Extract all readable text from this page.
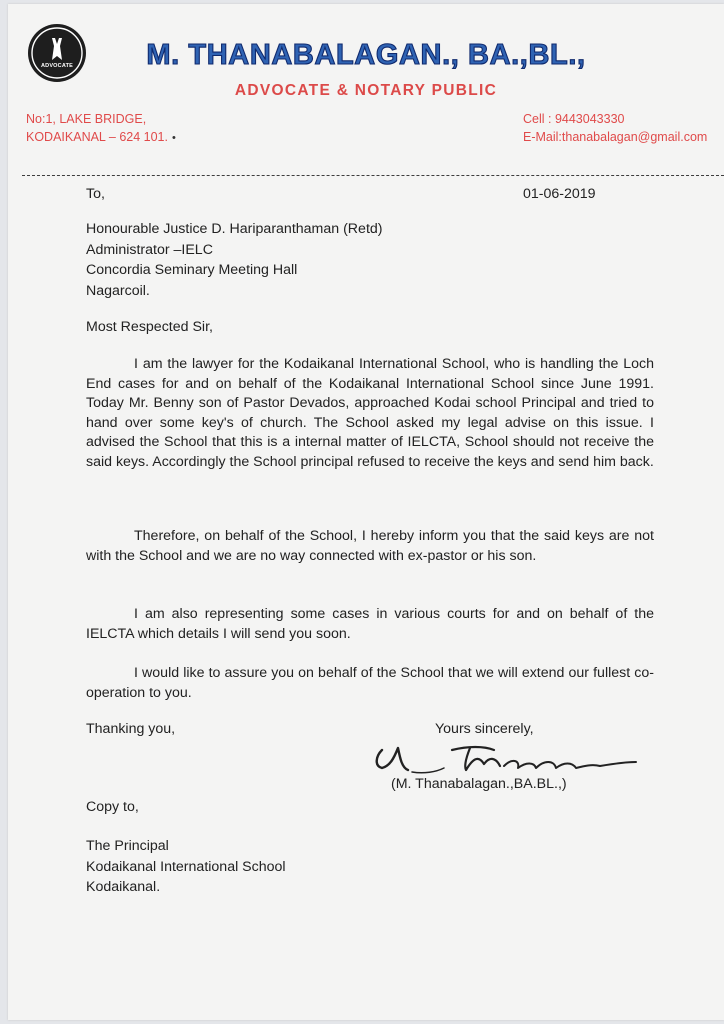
ADVOCATE	M. THANABALAGAN., BA.,BL.,
ADVOCATE & NOTARY PUBLIC
No:1, LAKE BRIDGE,
KODAIKANAL – 624 101. •
Cell : 9443043330
E-Mail:thanabalagan@gmail.com
To,	01-06-2019
Honourable Justice D. Hariparanthaman (Retd)
Administrator –IELC
Concordia Seminary Meeting Hall
Nagarcoil.
Most Respected Sir,
I am the lawyer for the Kodaikanal International School, who is handling the Loch End cases for and on behalf of the Kodaikanal International School since June 1991. Today Mr. Benny son of Pastor Devados, approached Kodai school Principal and tried to hand over some key's of church. The School asked my legal advise on this issue. I advised the School that this is a internal matter of IELCTA, School should not receive the said keys. Accordingly the School principal refused to receive the keys and send him back.
Therefore, on behalf of the School, I hereby inform you that the said keys are not with the School and we are no way connected with ex-pastor or his son.
I am also representing some cases in various courts for and on behalf of the IELCTA which details I will send you soon.
I would like to assure you on behalf of the School that we will extend our fullest co-operation to you.
Thanking you,	Yours sincerely,
(M. Thanabalagan.,BA.BL.,)
Copy to,
The Principal
Kodaikanal International School
Kodaikanal.
